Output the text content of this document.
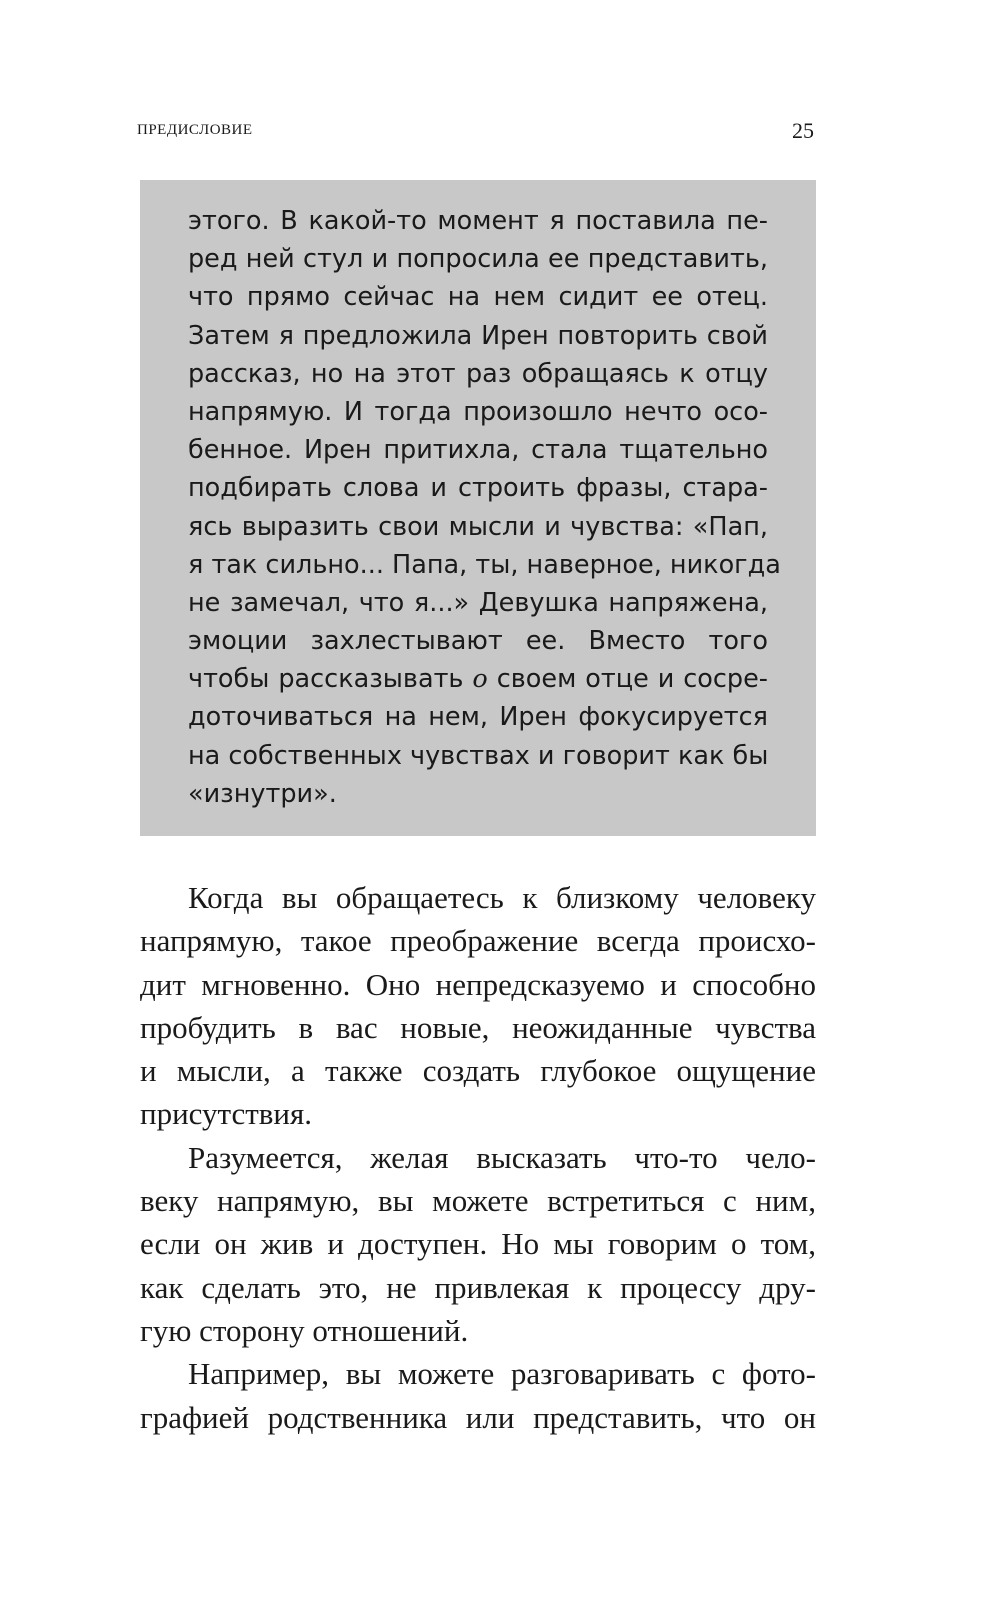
ПРЕДИСЛОВИЕ	25
этого. В какой-то момент я поставила пе-
ред ней стул и попросила ее представить,
что прямо сейчас на нем сидит ее отец.
Затем я предложила Ирен повторить свой
рассказ, но на этот раз обращаясь к отцу
напрямую. И тогда произошло нечто осо-
бенное. Ирен притихла, стала тщательно
подбирать слова и строить фразы, стара-
ясь выразить свои мысли и чувства: «Пап,
я так сильно... Папа, ты, наверное, никогда
не замечал, что я...» Девушка напряжена,
эмоции захлестывают ее. Вместо того
чтобы рассказывать о своем отце и сосре-
доточиваться на нем, Ирен фокусируется
на собственных чувствах и говорит как бы
«изнутри».
Когда вы обращаетесь к близкому человеку
напрямую, такое преображение всегда происхо-
дит мгновенно. Оно непредсказуемо и способно
пробудить в вас новые, неожиданные чувства
и мысли, а также создать глубокое ощущение
присутствия.
Разумеется, желая высказать что-то чело-
веку напрямую, вы можете встретиться с ним,
если он жив и доступен. Но мы говорим о том,
как сделать это, не привлекая к процессу дру-
гую сторону отношений.
Например, вы можете разговаривать с фото-
графией родственника или представить, что он
